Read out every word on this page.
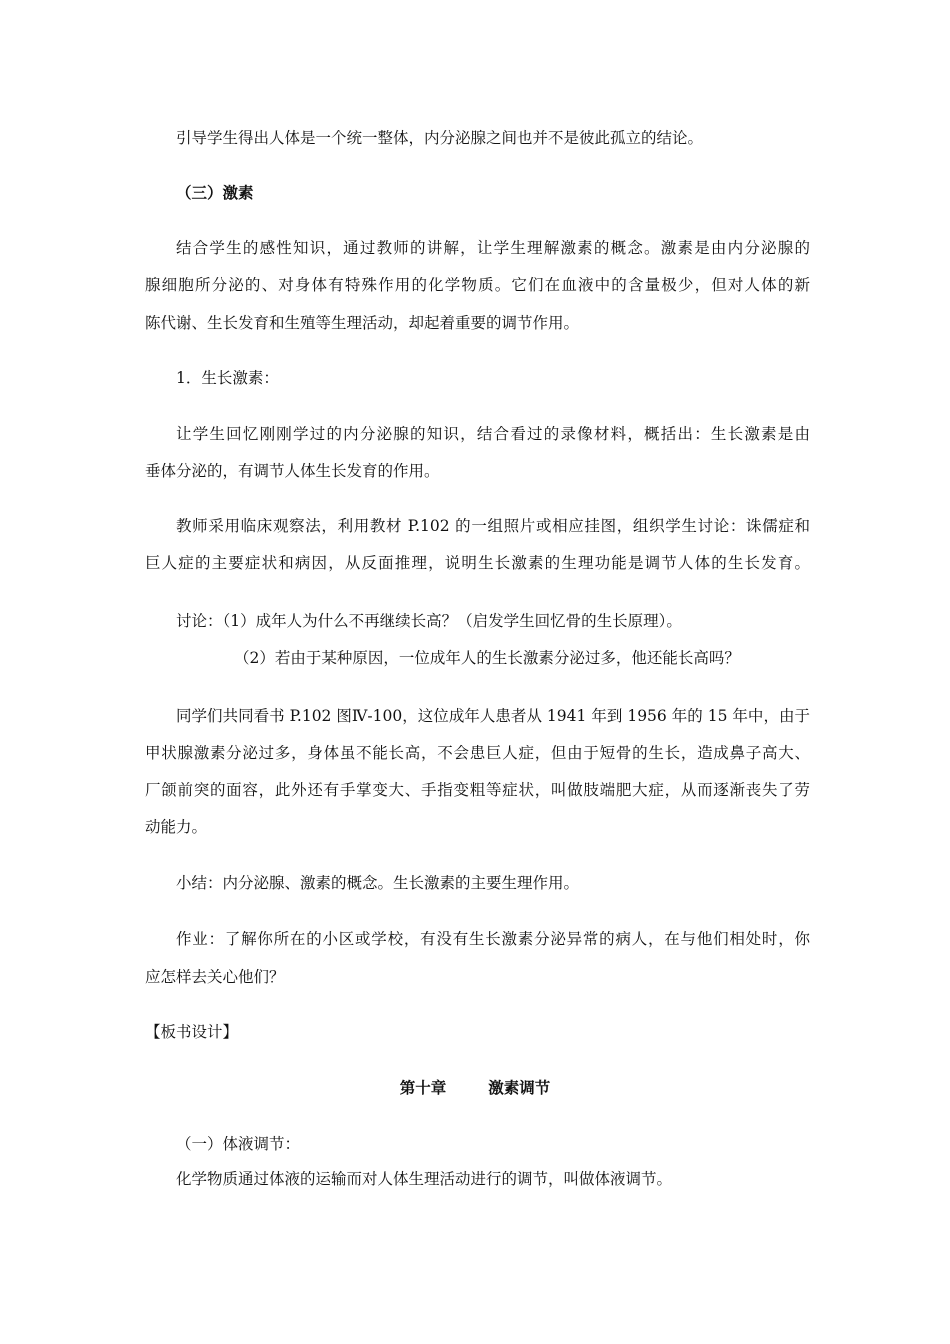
引导学生得出人体是一个统一整体，内分泌腺之间也并不是彼此孤立的结论。
（三）激素
结合学生的感性知识，通过教师的讲解，让学生理解激素的概念。激素是由内分泌腺的
腺细胞所分泌的、对身体有特殊作用的化学物质。它们在血液中的含量极少，但对人体的新
陈代谢、生长发育和生殖等生理活动，却起着重要的调节作用。
1．生长激素：
让学生回忆刚刚学过的内分泌腺的知识，结合看过的录像材料，概括出：生长激素是由
垂体分泌的，有调节人体生长发育的作用。
教师采用临床观察法，利用教材 P.102 的一组照片或相应挂图，组织学生讨论：诛儒症和
巨人症的主要症状和病因，从反面推理，说明生长激素的生理功能是调节人体的生长发育。
讨论：（1）成年人为什么不再继续长高？（启发学生回忆骨的生长原理）。
（2）若由于某种原因，一位成年人的生长激素分泌过多，他还能长高吗？
同学们共同看书 P.102 图Ⅳ-100，这位成年人患者从 1941 年到 1956 年的 15 年中，由于
甲状腺激素分泌过多，身体虽不能长高，不会患巨人症，但由于短骨的生长，造成鼻子高大、
厂颌前突的面容，此外还有手掌变大、手指变粗等症状，叫做肢端肥大症，从而逐渐丧失了劳
动能力。
小结：内分泌腺、激素的概念。生长激素的主要生理作用。
作业：了解你所在的小区或学校，有没有生长激素分泌异常的病人，在与他们相处时，你
应怎样去关心他们？
【板书设计】
第十章	激素调节
（一）体液调节：
化学物质通过体液的运输而对人体生理活动进行的调节，叫做体液调节。
